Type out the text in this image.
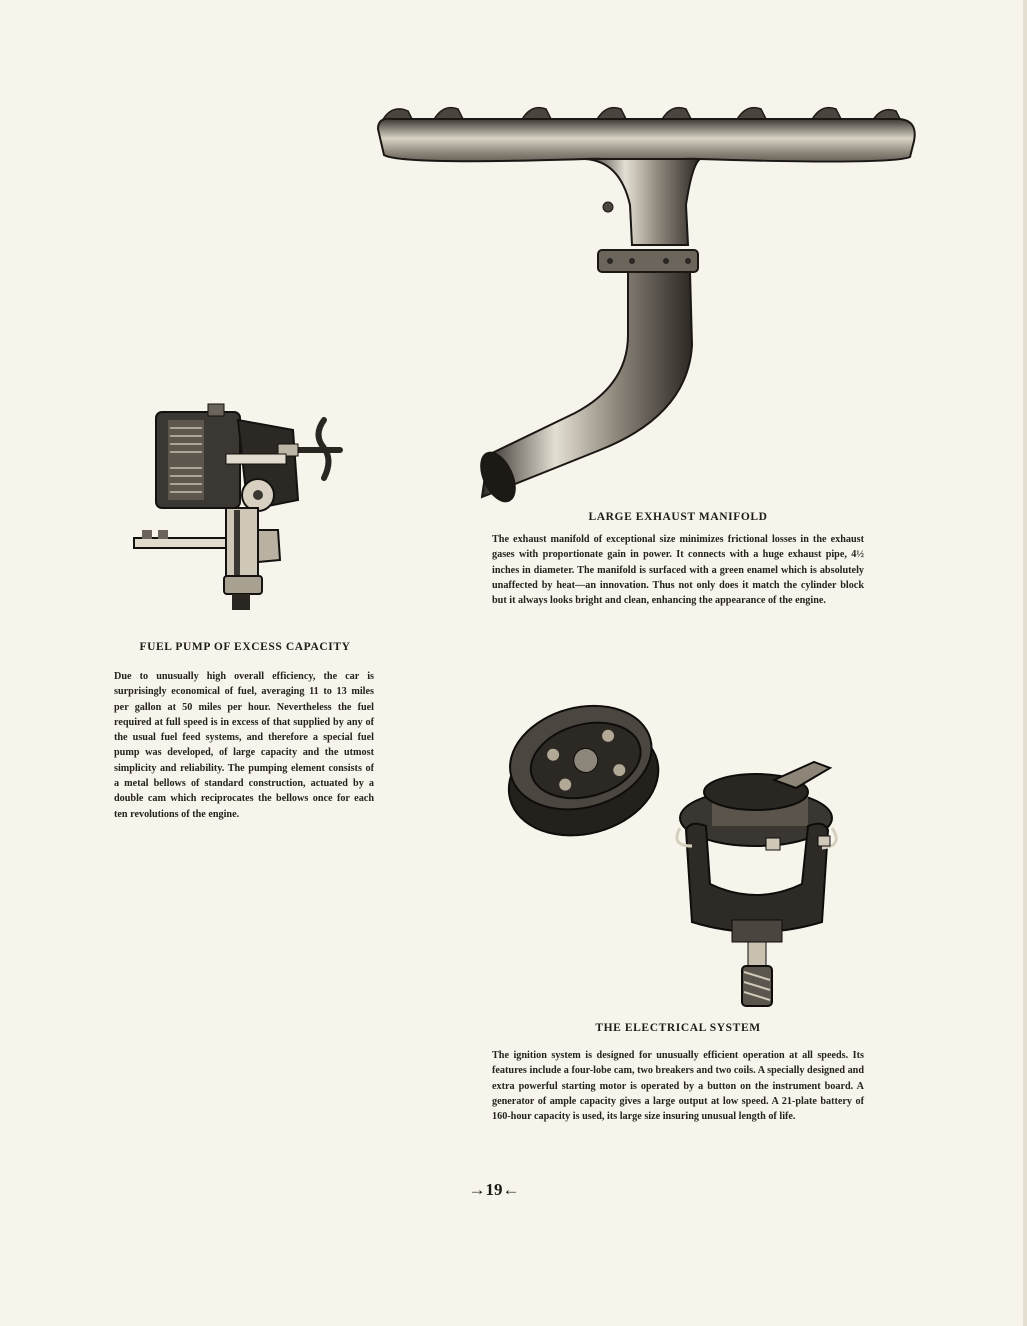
LARGE EXHAUST MANIFOLD
The exhaust manifold of exceptional size minimizes frictional losses in the exhaust gases with proportionate gain in power. It connects with a huge exhaust pipe, 4½ inches in diameter. The manifold is surfaced with a green enamel which is absolutely unaffected by heat—an innovation. Thus not only does it match the cylinder block but it always looks bright and clean, enhancing the appearance of the engine.
FUEL PUMP OF EXCESS CAPACITY
Due to unusually high overall efficiency, the car is surprisingly economical of fuel, averaging 11 to 13 miles per gallon at 50 miles per hour. Nevertheless the fuel required at full speed is in excess of that supplied by any of the usual fuel feed systems, and therefore a special fuel pump was developed, of large capacity and the utmost simplicity and reliability. The pumping element consists of a metal bellows of standard construction, actuated by a double cam which reciprocates the bellows once for each ten revolutions of the engine.
THE ELECTRICAL SYSTEM
The ignition system is designed for unusually efficient operation at all speeds. Its features include a four-lobe cam, two breakers and two coils. A specially designed and extra powerful starting motor is operated by a button on the instrument board. A generator of ample capacity gives a large output at low speed. A 21-plate battery of 160-hour capacity is used, its large size insuring unusual length of life.
→19←
